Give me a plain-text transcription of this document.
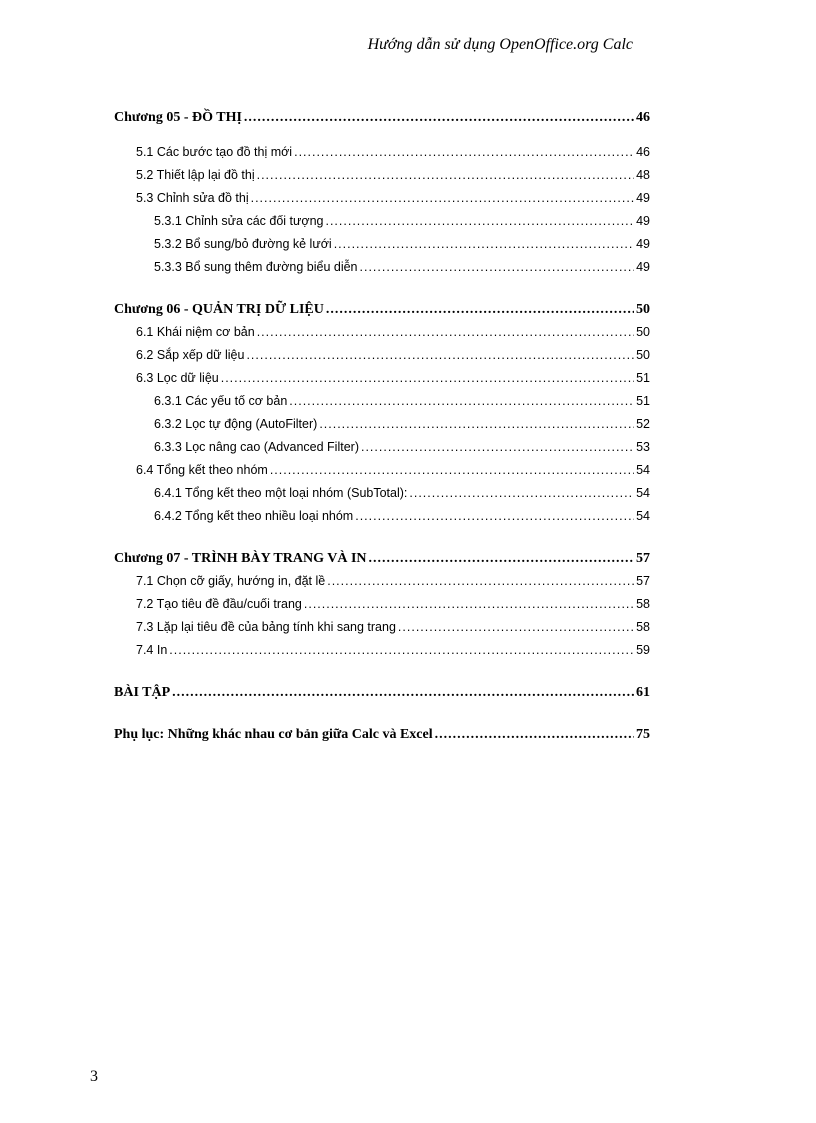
Hướng dẫn sử dụng OpenOffice.org Calc
Chương 05 - ĐỒ THỊ .....	46
5.1 Các bước tạo đồ thị mới .....	46
5.2 Thiết lập lại đồ thị .....	48
5.3 Chỉnh sửa đồ thị .....	49
5.3.1 Chỉnh sửa các đối tượng .....	49
5.3.2 Bổ sung/bỏ đường kẻ lưới .....	49
5.3.3 Bổ sung thêm đường biểu diễn .....	49
Chương 06 - QUẢN TRỊ DỮ LIỆU .....	50
6.1 Khái niệm cơ bản .....	50
6.2 Sắp xếp dữ liệu .....	50
6.3 Lọc dữ liệu .....	51
6.3.1 Các yếu tố cơ bản .....	51
6.3.2 Lọc tự động (AutoFilter) .....	52
6.3.3 Lọc nâng cao (Advanced Filter) .....	53
6.4 Tổng kết theo nhóm .....	54
6.4.1 Tổng kết theo một loại nhóm (SubTotal): .....	54
6.4.2 Tổng kết theo nhiều loại nhóm .....	54
Chương 07 - TRÌNH BÀY TRANG VÀ IN .....	57
7.1 Chọn cỡ giấy, hướng in, đặt lề .....	57
7.2 Tạo tiêu đề đầu/cuối trang .....	58
7.3 Lặp lại tiêu đề của bảng tính khi sang trang .....	58
7.4 In .....	59
BÀI TẬP .....	61
Phụ lục: Những khác nhau cơ bản giữa Calc và Excel .....	75
3
